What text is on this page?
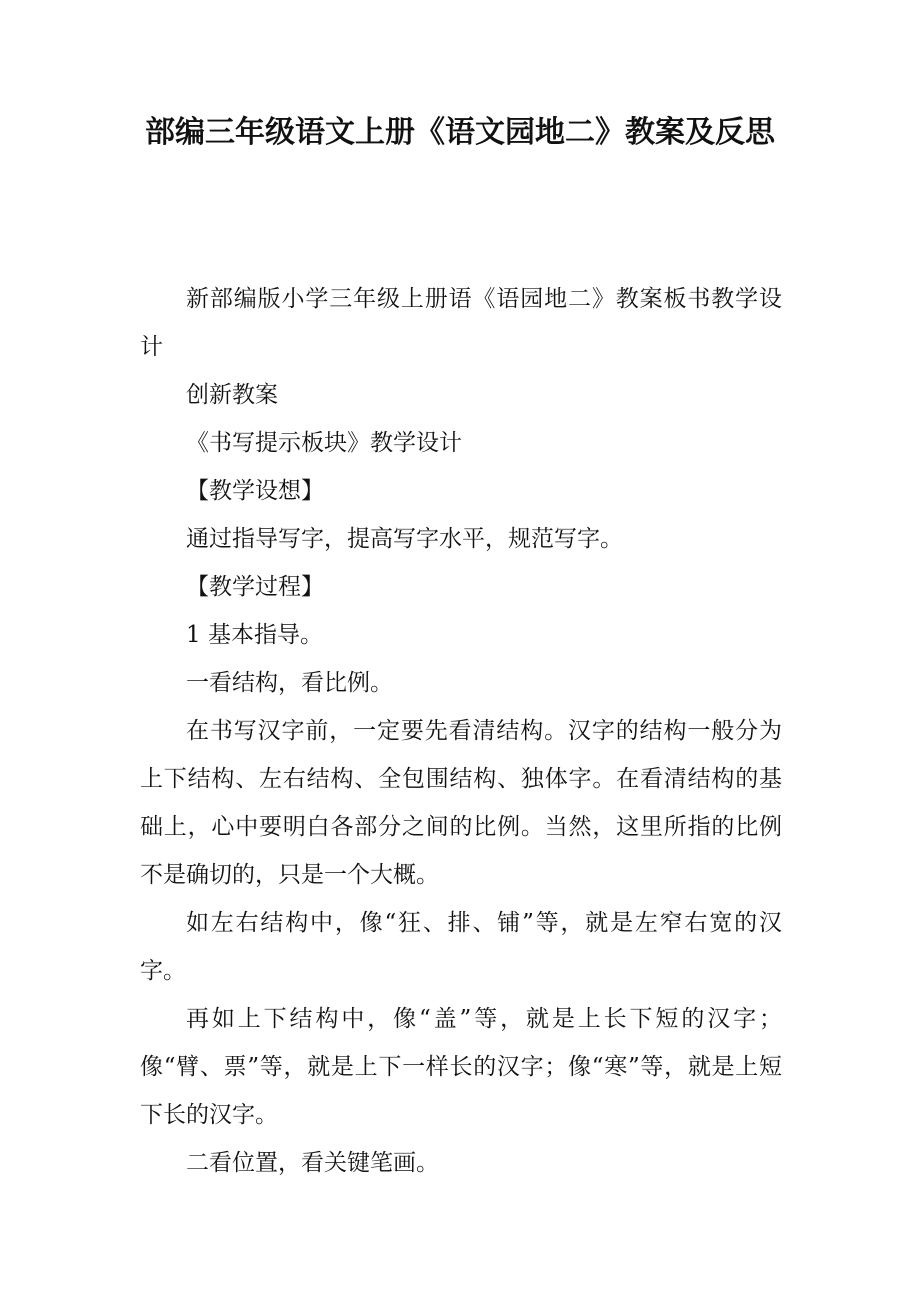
部编三年级语文上册《语文园地二》教案及反思

新部编版小学三年级上册语《语园地二》教案板书教学设计

创新教案

《书写提示板块》教学设计

【教学设想】

通过指导写字，提高写字水平，规范写字。

【教学过程】

1 基本指导。

一看结构，看比例。

在书写汉字前，一定要先看清结构。汉字的结构一般分为上下结构、左右结构、全包围结构、独体字。在看清结构的基础上，心中要明白各部分之间的比例。当然，这里所指的比例不是确切的，只是一个大概。

如左右结构中，像“狂、排、铺”等，就是左窄右宽的汉字。

再如上下结构中，像“盖”等，就是上长下短的汉字；像“臂、票”等，就是上下一样长的汉字；像“寒”等，就是上短下长的汉字。

二看位置，看关键笔画。
